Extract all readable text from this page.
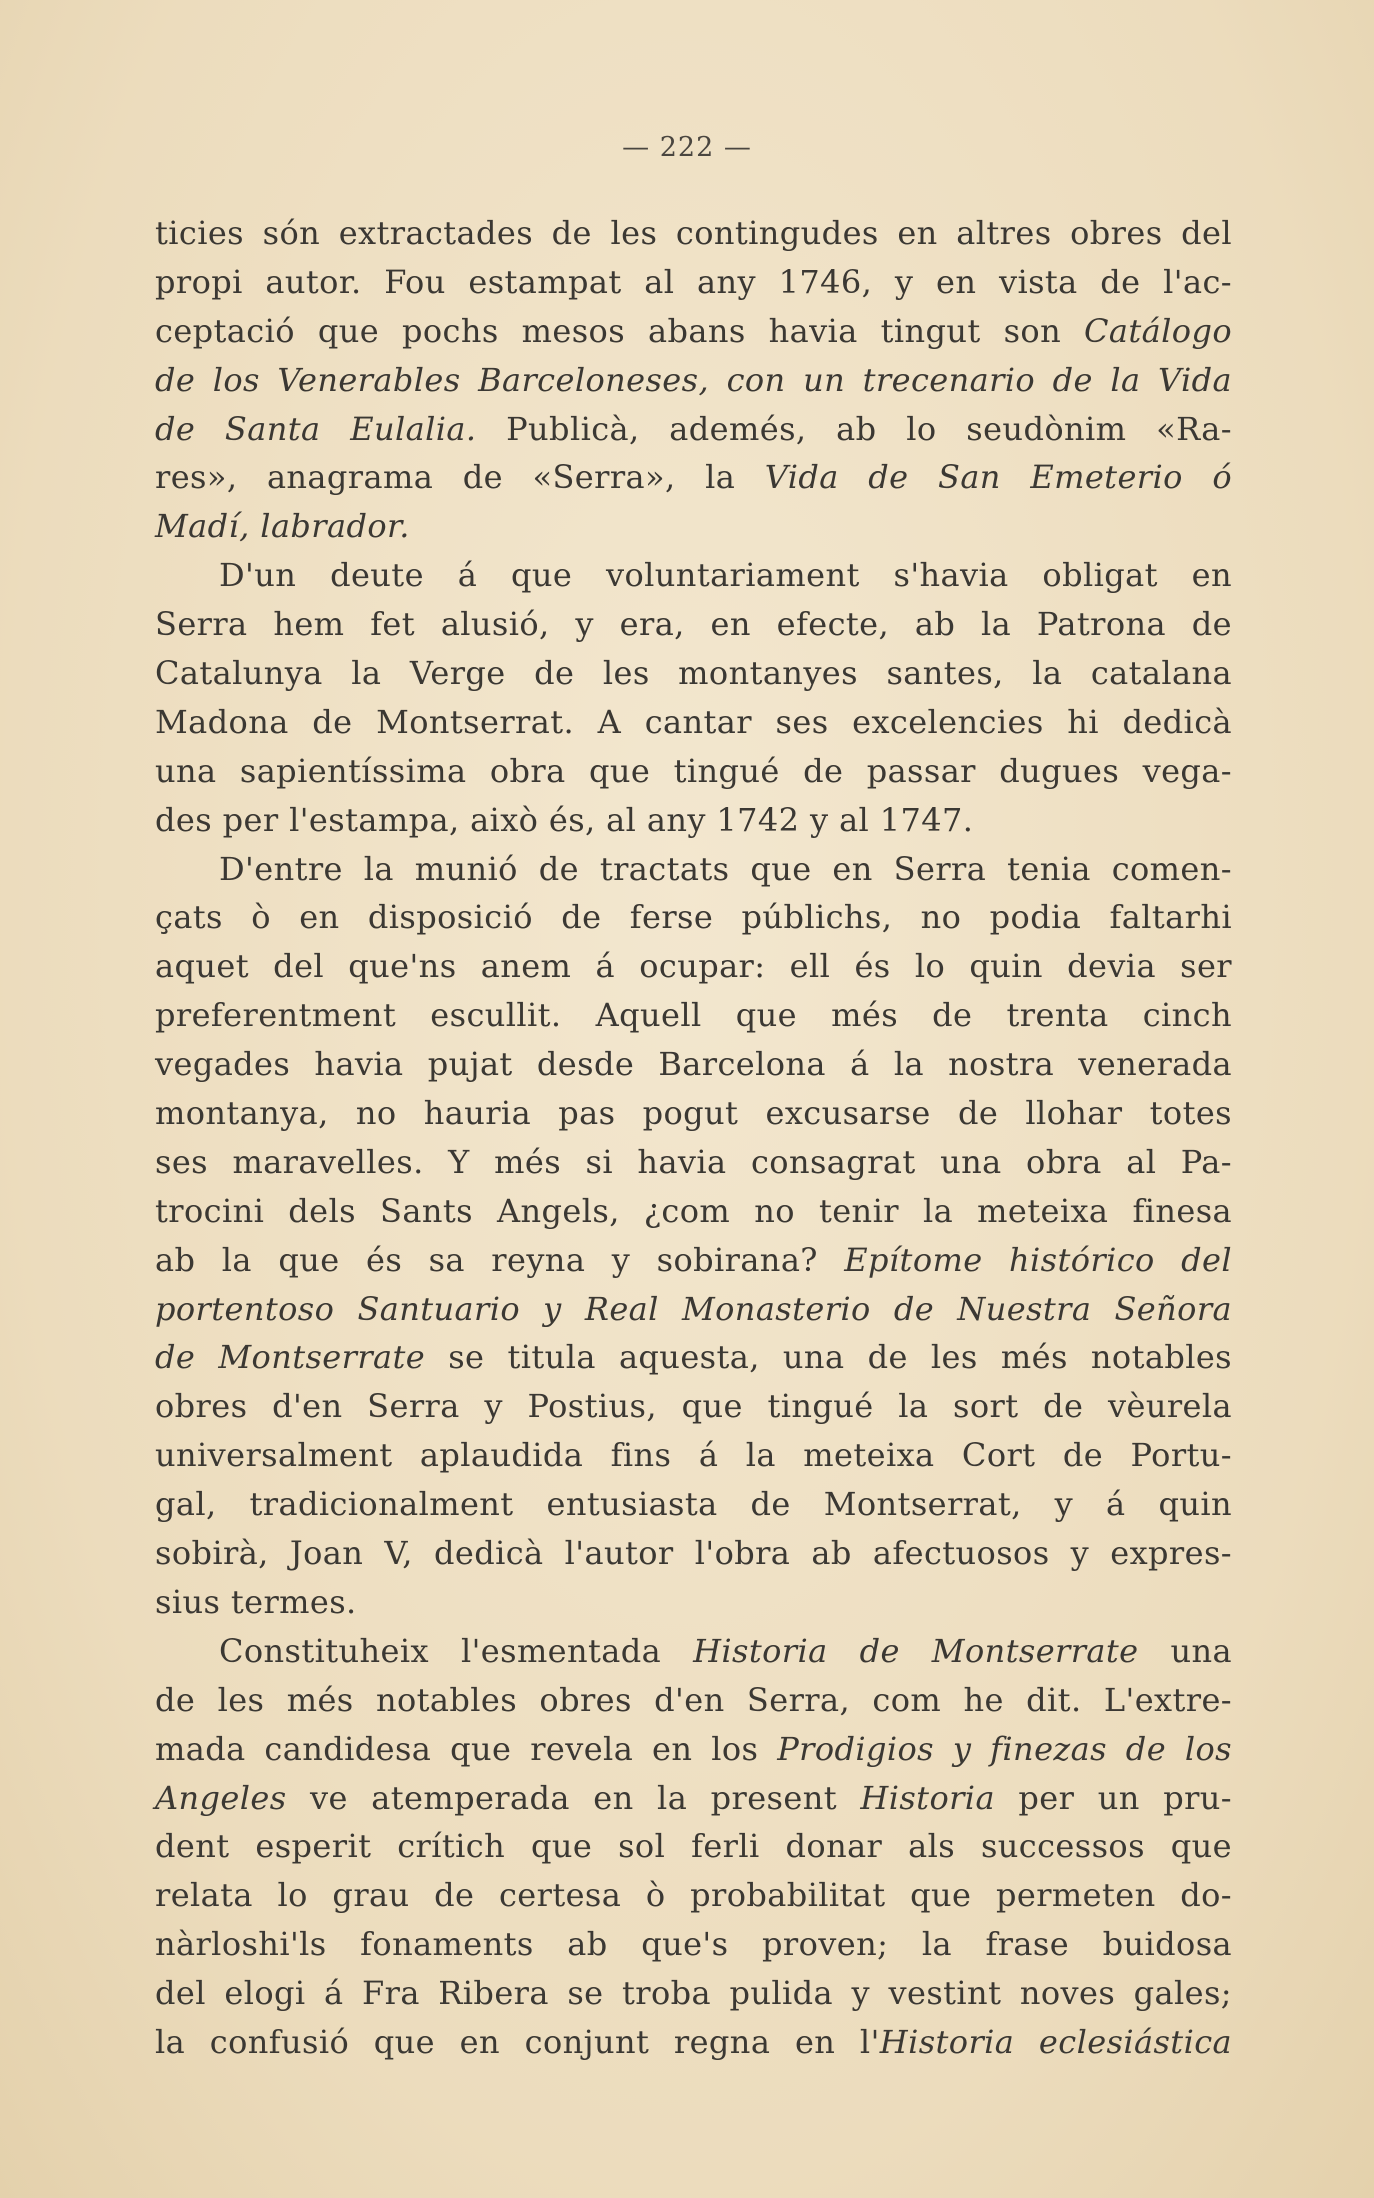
— 222 —
ticies són extractades de les contingudes en altres obres del
propi autor. Fou estampat al any 1746, y en vista de l'ac-
ceptació que pochs mesos abans havia tingut son Catálogo
de los Venerables Barceloneses, con un trecenario de la Vida
de Santa Eulalia. Publicà, ademés, ab lo seudònim «Ra-
res», anagrama de «Serra», la Vida de San Emeterio ó
Madí, labrador.
D'un deute á que voluntariament s'havia obligat en
Serra hem fet alusió, y era, en efecte, ab la Patrona de
Catalunya la Verge de les montanyes santes, la catalana
Madona de Montserrat. A cantar ses excelencies hi dedicà
una sapientíssima obra que tingué de passar dugues vega-
des per l'estampa, això és, al any 1742 y al 1747.
D'entre la munió de tractats que en Serra tenia comen-
çats ò en disposició de ferse públichs, no podia faltarhi
aquet del que'ns anem á ocupar: ell és lo quin devia ser
preferentment escullit. Aquell que més de trenta cinch
vegades havia pujat desde Barcelona á la nostra venerada
montanya, no hauria pas pogut excusarse de llohar totes
ses maravelles. Y més si havia consagrat una obra al Pa-
trocini dels Sants Angels, ¿com no tenir la meteixa finesa
ab la que és sa reyna y sobirana? Epítome histórico del
portentoso Santuario y Real Monasterio de Nuestra Señora
de Montserrate se titula aquesta, una de les més notables
obres d'en Serra y Postius, que tingué la sort de vèurela
universalment aplaudida fins á la meteixa Cort de Portu-
gal, tradicionalment entusiasta de Montserrat, y á quin
sobirà, Joan V, dedicà l'autor l'obra ab afectuosos y expres-
sius termes.
Constituheix l'esmentada Historia de Montserrate una
de les més notables obres d'en Serra, com he dit. L'extre-
mada candidesa que revela en los Prodigios y finezas de los
Angeles ve atemperada en la present Historia per un pru-
dent esperit crítich que sol ferli donar als successos que
relata lo grau de certesa ò probabilitat que permeten do-
nàrloshi'ls fonaments ab que's proven; la frase buidosa
del elogi á Fra Ribera se troba pulida y vestint noves gales;
la confusió que en conjunt regna en l'Historia eclesiástica
